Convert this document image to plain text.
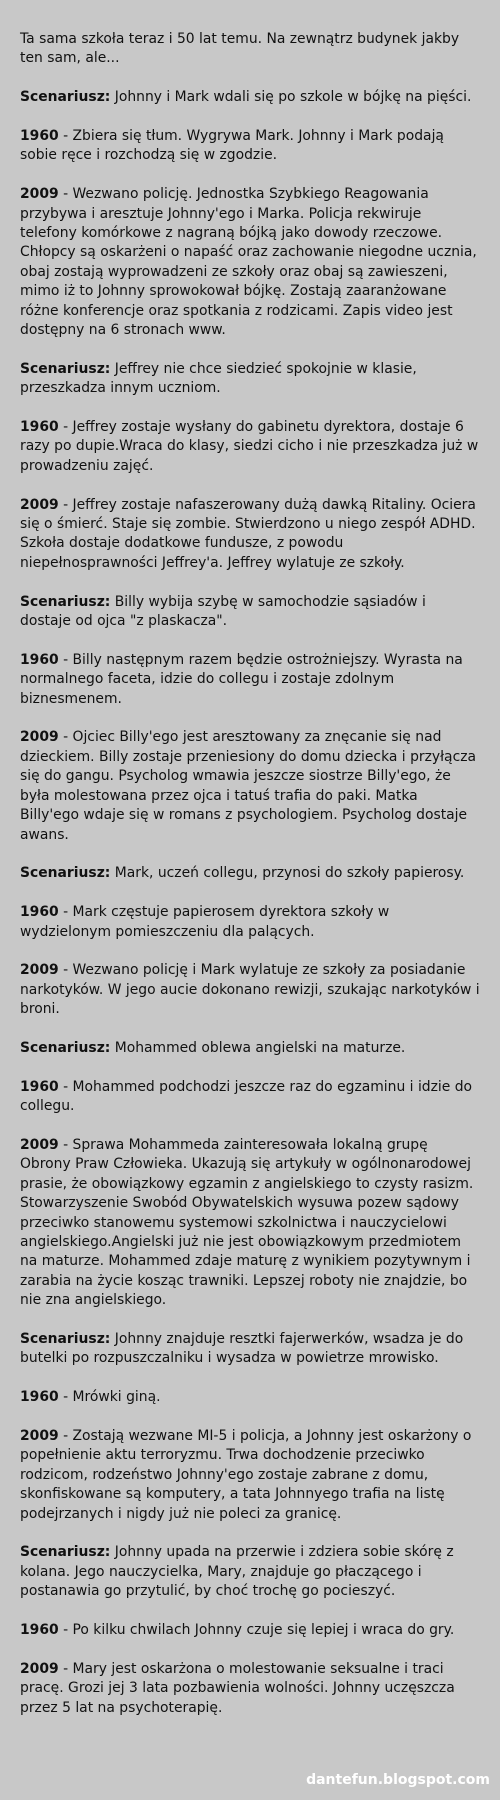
Ta sama szkoła teraz i 50 lat temu. Na zewnątrz budynek jakby ten sam, ale...

Scenariusz: Johnny i Mark wdali się po szkole w bójkę na pięści.

1960 - Zbiera się tłum. Wygrywa Mark. Johnny i Mark podają sobie ręce i rozchodzą się w zgodzie.

2009 - Wezwano policję. Jednostka Szybkiego Reagowania przybywa i aresztuje Johnny'ego i Marka. Policja rekwiruje telefony komórkowe z nagraną bójką jako dowody rzeczowe. Chłopcy są oskarżeni o napaść oraz zachowanie niegodne ucznia, obaj zostają wyprowadzeni ze szkoły oraz obaj są zawieszeni, mimo iż to Johnny sprowokował bójkę. Zostają zaaranżowane różne konferencje oraz spotkania z rodzicami. Zapis video jest dostępny na 6 stronach www.

Scenariusz: Jeffrey nie chce siedzieć spokojnie w klasie, przeszkadza innym uczniom.

1960 - Jeffrey zostaje wysłany do gabinetu dyrektora, dostaje 6 razy po dupie.Wraca do klasy, siedzi cicho i nie przeszkadza już w prowadzeniu zajęć.

2009 - Jeffrey zostaje nafaszerowany dużą dawką Ritaliny. Ociera się o śmierć. Staje się zombie. Stwierdzono u niego zespół ADHD. Szkoła dostaje dodatkowe fundusze, z powodu niepełnosprawności Jeffrey'a. Jeffrey wylatuje ze szkoły.

Scenariusz: Billy wybija szybę w samochodzie sąsiadów i dostaje od ojca "z plaskacza".

1960 - Billy następnym razem będzie ostrożniejszy. Wyrasta na normalnego faceta, idzie do collegu i zostaje zdolnym biznesmenem.

2009 - Ojciec Billy'ego jest aresztowany za znęcanie się nad dzieckiem. Billy zostaje przeniesiony do domu dziecka i przyłącza się do gangu. Psycholog wmawia jeszcze siostrze Billy'ego, że była molestowana przez ojca i tatuś trafia do paki. Matka Billy'ego wdaje się w romans z psychologiem. Psycholog dostaje awans.

Scenariusz: Mark, uczeń collegu, przynosi do szkoły papierosy.

1960 - Mark częstuje papierosem dyrektora szkoły w wydzielonym pomieszczeniu dla palących.

2009 - Wezwano policję i Mark wylatuje ze szkoły za posiadanie narkotyków. W jego aucie dokonano rewizji, szukając narkotyków i broni.

Scenariusz: Mohammed oblewa angielski na maturze.

1960 - Mohammed podchodzi jeszcze raz do egzaminu i idzie do collegu.

2009 - Sprawa Mohammeda zainteresowała lokalną grupę Obrony Praw Człowieka. Ukazują się artykuły w ogólnonarodowej prasie, że obowiązkowy egzamin z angielskiego to czysty rasizm. Stowarzyszenie Swobód Obywatelskich wysuwa pozew sądowy przeciwko stanowemu systemowi szkolnictwa i nauczycielowi angielskiego.Angielski już nie jest obowiązkowym przedmiotem na maturze. Mohammed zdaje maturę z wynikiem pozytywnym i zarabia na życie kosząc trawniki. Lepszej roboty nie znajdzie, bo nie zna angielskiego.

Scenariusz: Johnny znajduje resztki fajerwerków, wsadza je do butelki po rozpuszczalniku i wysadza w powietrze mrowisko.

1960 - Mrówki giną.

2009 - Zostają wezwane MI-5 i policja, a Johnny jest oskarżony o popełnienie aktu terroryzmu. Trwa dochodzenie przeciwko rodzicom, rodzeństwo Johnny'ego zostaje zabrane z domu, skonfiskowane są komputery, a tata Johnnyego trafia na listę podejrzanych i nigdy już nie poleci za granicę.

Scenariusz: Johnny upada na przerwie i zdziera sobie skórę z kolana. Jego nauczycielka, Mary, znajduje go płaczącego i postanawia go przytulić, by choć trochę go pocieszyć.

1960 - Po kilku chwilach Johnny czuje się lepiej i wraca do gry.

2009 - Mary jest oskarżona o molestowanie seksualne i traci pracę. Grozi jej 3 lata pozbawienia wolności. Johnny uczęszcza przez 5 lat na psychoterapię.

dantefun.blogspot.com
